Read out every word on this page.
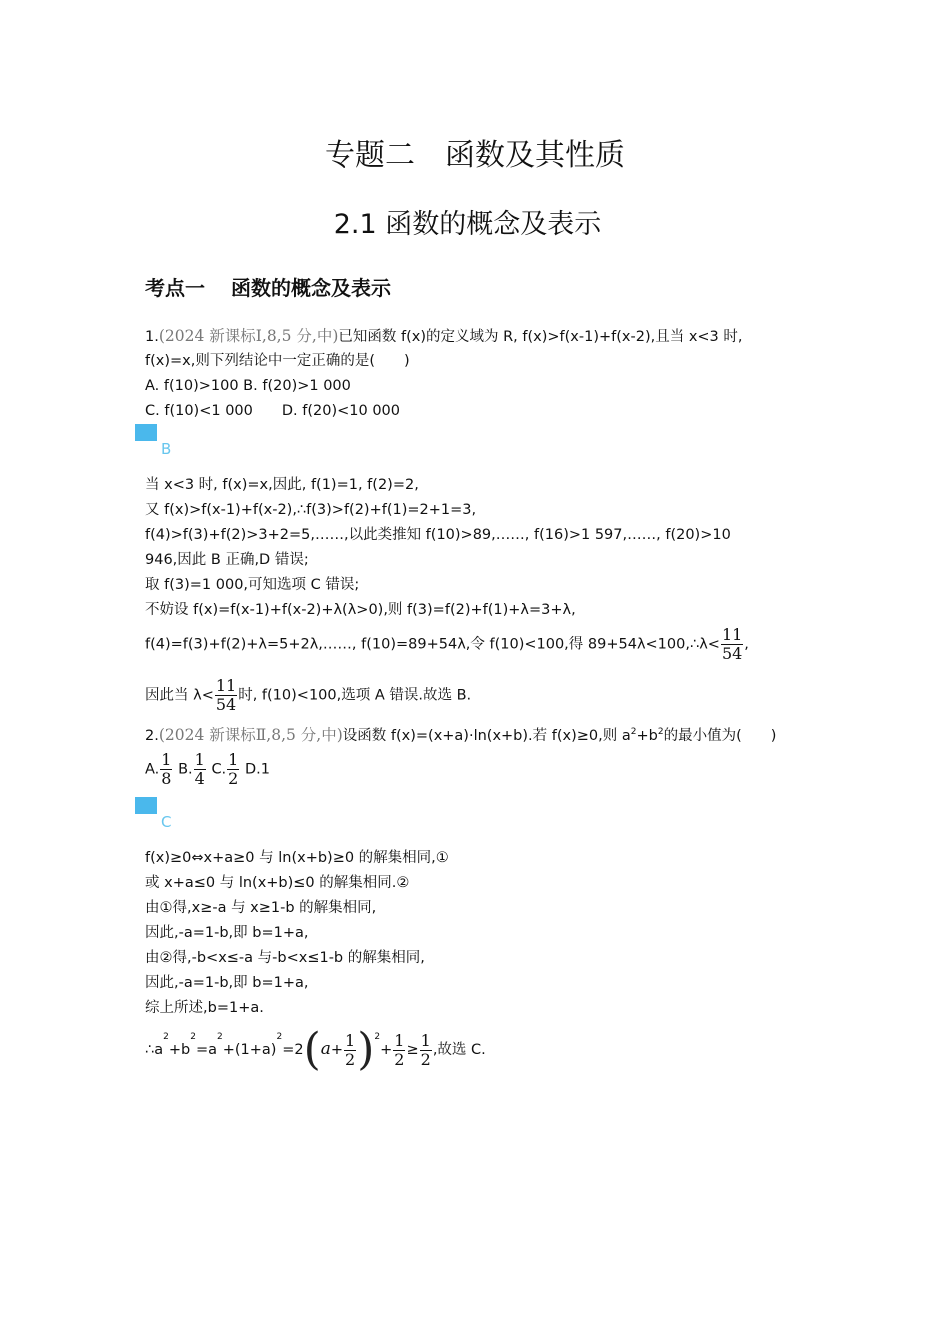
专题二 函数及其性质
2.1 函数的概念及表示
考点一 函数的概念及表示
1.(2024 新课标Ⅰ,8,5 分,中)已知函数 f(x)的定义域为 R, f(x)>f(x-1)+f(x-2),且当 x<3 时,
f(x)=x,则下列结论中一定正确的是(　　)
A. f(10)>100 B. f(20)>1 000
C. f(10)<1 000　　D. f(20)<10 000
B
当 x<3 时, f(x)=x,因此, f(1)=1, f(2)=2,
又 f(x)>f(x-1)+f(x-2),∴f(3)>f(2)+f(1)=2+1=3,
f(4)>f(3)+f(2)>3+2=5,……,以此类推知 f(10)>89,……, f(16)>1 597,……, f(20)>10
946,因此 B 正确,D 错误;
取 f(3)=1 000,可知选项 C 错误;
不妨设 f(x)=f(x-1)+f(x-2)+λ(λ>0),则 f(3)=f(2)+f(1)+λ=3+λ,
f(4)=f(3)+f(2)+λ=5+2λ,……, f(10)=89+54λ,令 f(10)<100,得 89+54λ<100,∴λ< $\frac{11}{54}$ ,
因此当 $\lambda< \frac{11}{54}$ 时, f(10)<100,选项 A 错误.故选 B.
2.(2024 新课标Ⅱ,8,5 分,中)设函数 f(x)=(x+a)·ln(x+b).若 f(x)≥0,则 $a^2+b^2$的最小值为(　　)
A. $\frac{1}{8} B$. $\frac{1}{4} C$. $\frac{1}{2} D.1$
C
f(x)≥0⇔x+a≥0 与 ln(x+b)≥0 的解集相同,①
或 x+a≤0 与 ln(x+b)≤0 的解集相同.②
由①得,x≥-a 与 x≥1-b 的解集相同,
因此,-a=1-b,即 b=1+a,
由②得,-b<x≤-a 与-b<x≤1-b 的解集相同,
因此,-a=1-b,即 b=1+a,
综上所述,b=1+a.
$\therefore a^2+b^2=a^2+(1+a)^2=2(a+ \frac{1}{2} )^2+ \frac{1}{2} \ge \frac{1}{2}$ ,故选 C.
